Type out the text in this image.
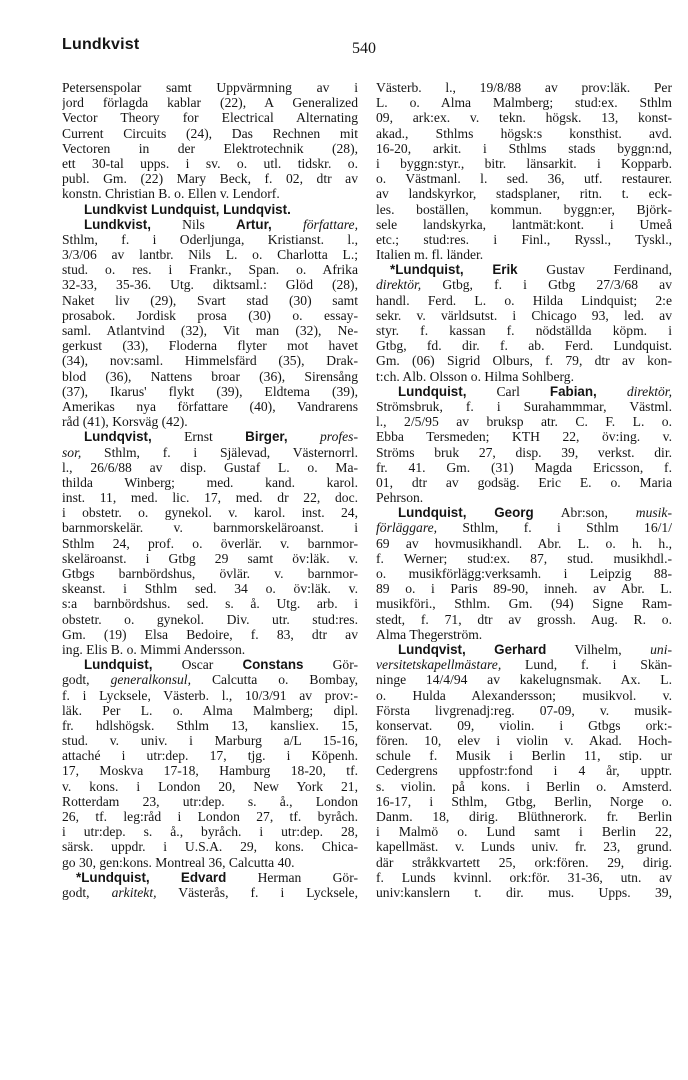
Lundkvist	540
Petersenspolar samt Uppvärmning av i
jord förlagda kablar (22), A Generalized
Vector Theory for Electrical Alternating
Current Circuits (24), Das Rechnen mit
Vectoren in der Elektrotechnik (28),
ett 30-tal upps. i sv. o. utl. tidskr. o.
publ. Gm. (22) Mary Beck, f. 02, dtr av
konstn. Christian B. o. Ellen v. Lendorf.
Lundkvist Lundquist, Lundqvist.
Lundkvist, Nils Artur, författare,
Sthlm, f. i Oderljunga, Kristianst. l.,
3/3/06 av lantbr. Nils L. o. Charlotta L.;
stud. o. res. i Frankr., Span. o. Afrika
32-33, 35-36. Utg. diktsaml.: Glöd (28),
Naket liv (29), Svart stad (30) samt
prosabok. Jordisk prosa (30) o. essay-
saml. Atlantvind (32), Vit man (32), Ne-
gerkust (33), Floderna flyter mot havet
(34), nov:saml. Himmelsfärd (35), Drak-
blod (36), Nattens broar (36), Sirensång
(37), Ikarus' flykt (39), Eldtema (39),
Amerikas nya författare (40), Vandrarens
råd (41), Korsväg (42).
Lundqvist, Ernst Birger, profes-
sor, Sthlm, f. i Själevad, Västernorrl.
l., 26/6/88 av disp. Gustaf L. o. Ma-
thilda Winberg; med. kand. karol.
inst. 11, med. lic. 17, med. dr 22, doc.
i obstetr. o. gynekol. v. karol. inst. 24,
barnmorskelär. v. barnmorskeläroanst. i
Sthlm 24, prof. o. överlär. v. barnmor-
skeläroanst. i Gtbg 29 samt öv:läk. v.
Gtbgs barnbördshus, övlär. v. barnmor-
skeanst. i Sthlm sed. 34 o. öv:läk. v.
s:a barnbördshus. sed. s. å. Utg. arb. i
obstetr. o. gynekol. Div. utr. stud:res.
Gm. (19) Elsa Bedoire, f. 83, dtr av
ing. Elis B. o. Mimmi Andersson.
Lundquist, Oscar Constans Gör-
godt, generalkonsul, Calcutta o. Bombay,
f. i Lycksele, Västerb. l., 10/3/91 av prov:-
läk. Per L. o. Alma Malmberg; dipl.
fr. hdlshögsk. Sthlm 13, kansliex. 15,
stud. v. univ. i Marburg a/L 15-16,
attaché i utr:dep. 17, tjg. i Köpenh.
17, Moskva 17-18, Hamburg 18-20, tf.
v. kons. i London 20, New York 21,
Rotterdam 23, utr:dep. s. å., London
26, tf. leg:råd i London 27, tf. byråch.
i utr:dep. s. å., byråch. i utr:dep. 28,
särsk. uppdr. i U.S.A. 29, kons. Chica-
go 30, gen:kons. Montreal 36, Calcutta 40.
*Lundquist, Edvard Herman Gör-
godt, arkitekt, Västerås, f. i Lycksele,
Västerb. l., 19/8/88 av prov:läk. Per
L. o. Alma Malmberg; stud:ex. Sthlm
09, ark:ex. v. tekn. högsk. 13, konst-
akad., Sthlms högsk:s konsthist. avd.
16-20, arkit. i Sthlms stads byggn:nd,
i byggn:styr., bitr. länsarkit. i Kopparb.
o. Västmanl. l. sed. 36, utf. restaurer.
av landskyrkor, stadsplaner, ritn. t. eck-
les. boställen, kommun. byggn:er, Björk-
sele landskyrka, lantmät:kont. i Umeå
etc.; stud:res. i Finl., Ryssl., Tyskl.,
Italien m. fl. länder.
*Lundquist, Erik Gustav Ferdinand,
direktör, Gtbg, f. i Gtbg 27/3/68 av
handl. Ferd. L. o. Hilda Lindquist; 2:e
sekr. v. världsutst. i Chicago 93, led. av
styr. f. kassan f. nödställda köpm. i
Gtbg, fd. dir. f. ab. Ferd. Lundquist.
Gm. (06) Sigrid Olburs, f. 79, dtr av kon-
t:ch. Alb. Olsson o. Hilma Sohlberg.
Lundquist, Carl Fabian, direktör,
Strömsbruk, f. i Surahammmar, Västml.
l., 2/5/95 av bruksp atr. C. F. L. o.
Ebba Tersmeden; KTH 22, öv:ing. v.
Ströms bruk 27, disp. 39, verkst. dir.
fr. 41. Gm. (31) Magda Ericsson, f.
01, dtr av godsäg. Eric E. o. Maria
Pehrson.
Lundquist, Georg Abr:son, musik-
förläggare, Sthlm, f. i Sthlm 16/1/
69 av hovmusikhandl. Abr. L. o. h. h.,
f. Werner; stud:ex. 87, stud. musikhdl.-
o. musikförlägg:verksamh. i Leipzig 88-
89 o. i Paris 89-90, inneh. av Abr. L.
musikföri., Sthlm. Gm. (94) Signe Ram-
stedt, f. 71, dtr av grossh. Aug. R. o.
Alma Thegerström.
Lundqvist, Gerhard Vilhelm, uni-
versitetskapellmästare, Lund, f. i Skän-
ninge 14/4/94 av kakelugnsmak. Ax. L.
o. Hulda Alexandersson; musikvol. v.
Första livgrenadj:reg. 07-09, v. musik-
konservat. 09, violin. i Gtbgs ork:-
fören. 10, elev i violin v. Akad. Hoch-
schule f. Musik i Berlin 11, stip. ur
Cedergrens uppfostr:fond i 4 år, upptr.
s. violin. på kons. i Berlin o. Amsterd.
16-17, i Sthlm, Gtbg, Berlin, Norge o.
Danm. 18, dirig. Blüthnerork. fr. Berlin
i Malmö o. Lund samt i Berlin 22,
kapellmäst. v. Lunds univ. fr. 23, grund.
där stråkkvartett 25, ork:fören. 29, dirig.
f. Lunds kvinnl. ork:för. 31-36, utn. av
univ:kanslern t. dir. mus. Upps. 39,
